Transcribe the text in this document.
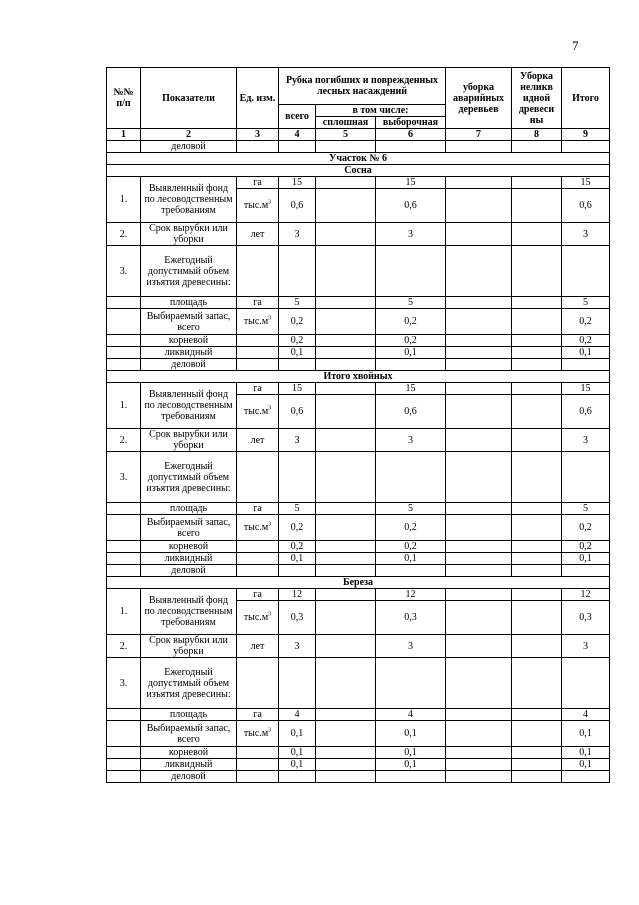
7
№№ п/п	Показатели	Ед. изм.	Рубка погибших и поврежденных лесных насаждений			уборка аварийных деревьев	Уборка неликв идной древеси ны	Итого
			всего	в том числе:				
				сплошная	выборочная			
1	2	3	4	5	6	7	8	9
	деловой							
Участок № 6								
Сосна								
1.	Выявленный фонд по лесоводственным требованиям	га	15		15			15
		$тыс.м^3$	0,6		0,6			0,6
2.	Срок вырубки или уборки	лет	3		3			3
3.	Ежегодный допустимый объем изъятия древесины:							
	площадь	га	5		5			5
	Выбираемый запас, всего	$тыс.м^3$	0,2		0,2			0,2
	корневой		0,2		0,2			0,2
	ликвидный		0,1		0,1			0,1
	деловой							
Итого хвойных								
1.	Выявленный фонд по лесоводственным требованиям	га	15		15			15
		$тыс.м^3$	0,6		0,6			0,6
2.	Срок вырубки или уборки	лет	3		3			3
3.	Ежегодный допустимый объем изъятия древесины:							
	площадь	га	5		5			5
	Выбираемый запас, всего	$тыс.м^3$	0,2		0,2			0,2
	корневой		0,2		0,2			0,2
	ликвидный		0,1		0,1			0,1
	деловой							
Береза								
1.	Выявленный фонд по лесоводственным требованиям	га	12		12			12
		$тыс.м^3$	0,3		0,3			0,3
2.	Срок вырубки или уборки	лет	3		3			3
3.	Ежегодный допустимый объем изъятия древесины:							
	площадь	га	4		4			4
	Выбираемый запас, всего	$тыс.м^3$	0,1		0,1			0,1
	корневой		0,1		0,1			0,1
	ликвидный		0,1		0,1			0,1
	деловой							
